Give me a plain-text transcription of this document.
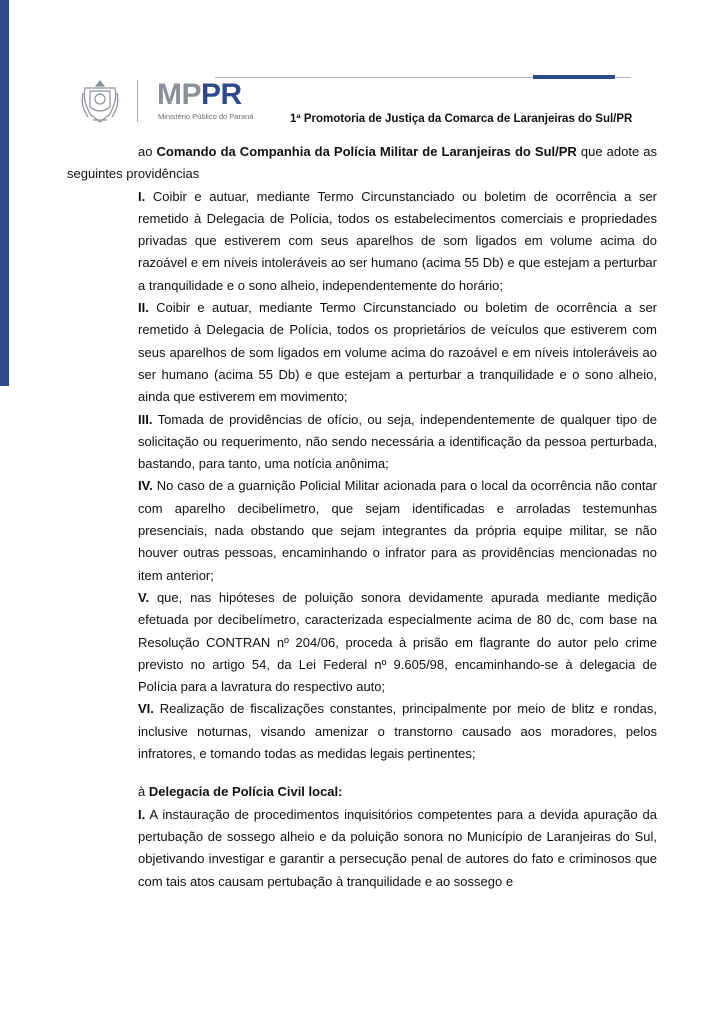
MPPR
Ministério Público do Paraná	1ª Promotoria de Justiça da Comarca de Laranjeiras do Sul/PR

ao Comando da Companhia da Polícia Militar de Laranjeiras do Sul/PR que adote as seguintes providências

I. Coibir e autuar, mediante Termo Circunstanciado ou boletim de ocorrência a ser remetido à Delegacia de Polícia, todos os estabelecimentos comerciais e propriedades privadas que estiverem com seus aparelhos de som ligados em volume acima do razoável e em níveis intoleráveis ao ser humano (acima 55 Db) e que estejam a perturbar a tranquilidade e o sono alheio, independentemente do horário;

II. Coibir e autuar, mediante Termo Circunstanciado ou boletim de ocorrência a ser remetido à Delegacia de Polícia, todos os proprietários de veículos que estiverem com seus aparelhos de som ligados em volume acima do razoável e em níveis intoleráveis ao ser humano (acima 55 Db) e que estejam a perturbar a tranquilidade e o sono alheio, ainda que estiverem em movimento;

III. Tomada de providências de ofício, ou seja, independentemente de qualquer tipo de solicitação ou requerimento, não sendo necessária a identificação da pessoa perturbada, bastando, para tanto, uma notícia anônima;

IV. No caso de a guarnição Policial Militar acionada para o local da ocorrência não contar com aparelho decibelímetro, que sejam identificadas e arroladas testemunhas presenciais, nada obstando que sejam integrantes da própria equipe militar, se não houver outras pessoas, encaminhando o infrator para as providências mencionadas no item anterior;

V. que, nas hipóteses de poluição sonora devidamente apurada mediante medição efetuada por decibelímetro, caracterizada especialmente acima de 80 dc, com base na Resolução CONTRAN nº 204/06, proceda à prisão em flagrante do autor pelo crime previsto no artigo 54, da Lei Federal nº 9.605/98, encaminhando-se à delegacia de Polícia para a lavratura do respectivo auto;

VI. Realização de fiscalizações constantes, principalmente por meio de blitz e rondas, inclusive noturnas, visando amenizar o transtorno causado aos moradores, pelos infratores, e tomando todas as medidas legais pertinentes;

à Delegacia de Polícia Civil local:

I. A instauração de procedimentos inquisitórios competentes para a devida apuração da pertubação de sossego alheio e da poluição sonora no Município de Laranjeiras do Sul, objetivando investigar e garantir a persecução penal de autores do fato e criminosos que com tais atos causam pertubação à tranquilidade e ao sossego e
